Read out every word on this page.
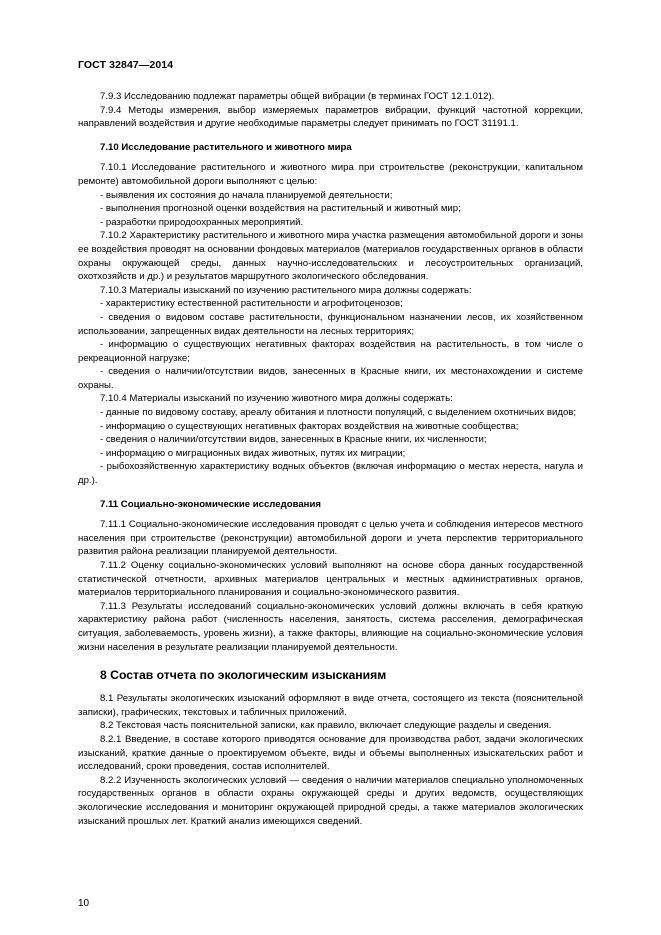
ГОСТ 32847—2014

7.9.3 Исследованию подлежат параметры общей вибрации (в терминах ГОСТ 12.1.012).

7.9.4 Методы измерения, выбор измеряемых параметров вибрации, функций частотной коррекции, направлений воздействия и другие необходимые параметры следует принимать по ГОСТ 31191.1.

7.10 Исследование растительного и животного мира

7.10.1 Исследование растительного и животного мира при строительстве (реконструкции, капитальном ремонте) автомобильной дороги выполняют с целью:

- выявления их состояния до начала планируемой деятельности;

- выполнения прогнозной оценки воздействия на растительный и животный мир;

- разработки природоохранных мероприятий.

7.10.2 Характеристику растительного и животного мира участка размещения автомобильной дороги и зоны ее воздействия проводят на основании фондовых материалов (материалов государственных органов в области охраны окружающей среды, данных научно-исследовательских и лесоустроительных организаций, охотхозяйств и др.) и результатов маршрутного экологического обследования.

7.10.3 Материалы изысканий по изучению растительного мира должны содержать:

- характеристику естественной растительности и агрофитоценозов;

- сведения о видовом составе растительности, функциональном назначении лесов, их хозяйственном использовании, запрещенных видах деятельности на лесных территориях;

- информацию о существующих негативных факторах воздействия на растительность, в том числе о рекреационной нагрузке;

- сведения о наличии/отсутствии видов, занесенных в Красные книги, их местонахождении и системе охраны.

7.10.4 Материалы изысканий по изучению животного мира должны содержать:

- данные по видовому составу, ареалу обитания и плотности популяций, с выделением охотничьих видов;

- информацию о существующих негативных факторах воздействия на животные сообщества;

- сведения о наличии/отсутствии видов, занесенных в Красные книги, их численности;

- информацию о миграционных видах животных, путях их миграции;

- рыбохозяйственную характеристику водных объектов (включая информацию о местах нереста, нагула и др.).

7.11 Социально-экономические исследования

7.11.1 Социально-экономические исследования проводят с целью учета и соблюдения интересов местного населения при строительстве (реконструкции) автомобильной дороги и учета перспектив территориального развития района реализации планируемой деятельности.

7.11.2 Оценку социально-экономических условий выполняют на основе сбора данных государственной статистической отчетности, архивных материалов центральных и местных административных органов, материалов территориального планирования и социально-экономического развития.

7.11.3 Результаты исследований социально-экономических условий должны включать в себя краткую характеристику района работ (численность населения, занятость, система расселения, демографическая ситуация, заболеваемость, уровень жизни), а также факторы, влияющие на социально-экономические условия жизни населения в результате реализации планируемой деятельности.

8 Состав отчета по экологическим изысканиям

8.1 Результаты экологических изысканий оформляют в виде отчета, состоящего из текста (пояснительной записки), графических, текстовых и табличных приложений.

8.2 Текстовая часть пояснительной записки, как правило, включает следующие разделы и сведения.

8.2.1 Введение, в составе которого приводятся основание для производства работ, задачи экологических изысканий, краткие данные о проектируемом объекте, виды и объемы выполненных изыскательских работ и исследований, сроки проведения, состав исполнителей.

8.2.2 Изученность экологических условий — сведения о наличии материалов специально уполномоченных государственных органов в области охраны окружающей среды и других ведомств, осуществляющих экологические исследования и мониторинг окружающей природной среды, а также материалов экологических изысканий прошлых лет. Краткий анализ имеющихся сведений.

10
